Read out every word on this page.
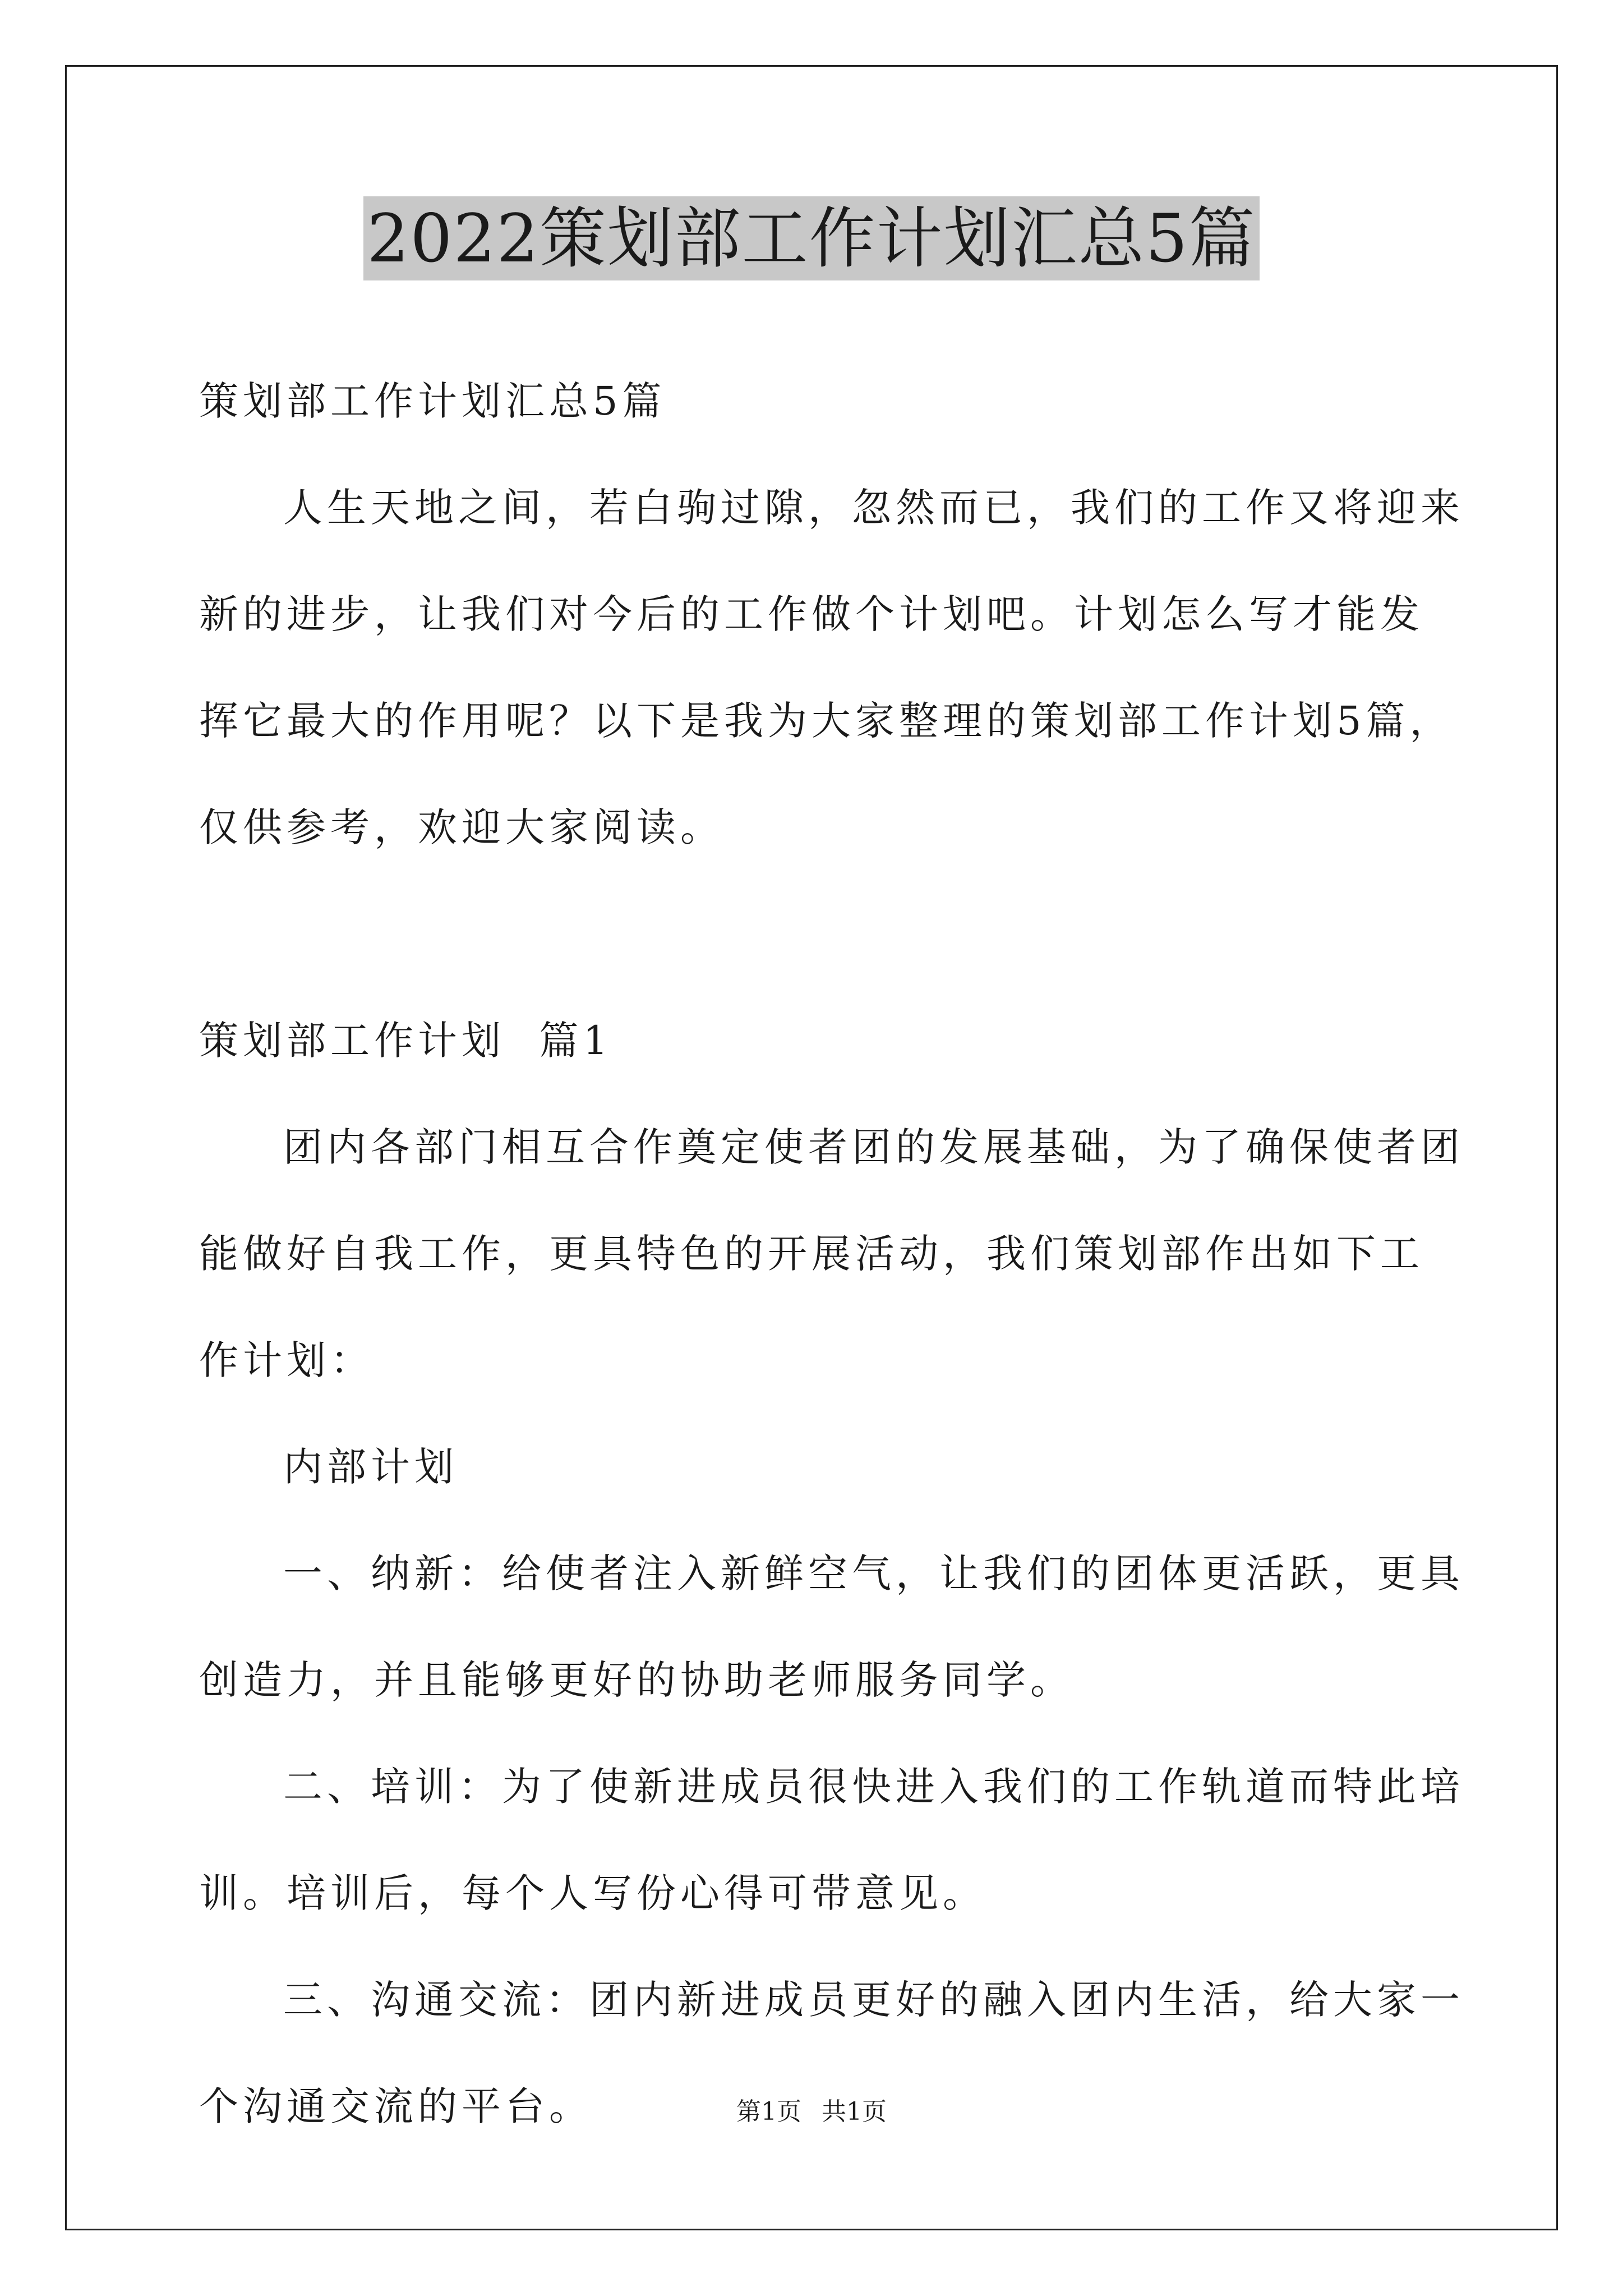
2022策划部工作计划汇总5篇

策划部工作计划汇总5篇

人生天地之间，若白驹过隙，忽然而已，我们的工作又将迎来新的进步，让我们对今后的工作做个计划吧。计划怎么写才能发挥它最大的作用呢？以下是我为大家整理的策划部工作计划5篇，仅供参考，欢迎大家阅读。

策划部工作计划  篇1

团内各部门相互合作奠定使者团的发展基础，为了确保使者团能做好自我工作，更具特色的开展活动，我们策划部作出如下工作计划：

内部计划

一、纳新：给使者注入新鲜空气，让我们的团体更活跃，更具创造力，并且能够更好的协助老师服务同学。

二、培训：为了使新进成员很快进入我们的工作轨道而特此培训。培训后，每个人写份心得可带意见。

三、沟通交流：团内新进成员更好的融入团内生活，给大家一个沟通交流的平台。	第1页 共1页
